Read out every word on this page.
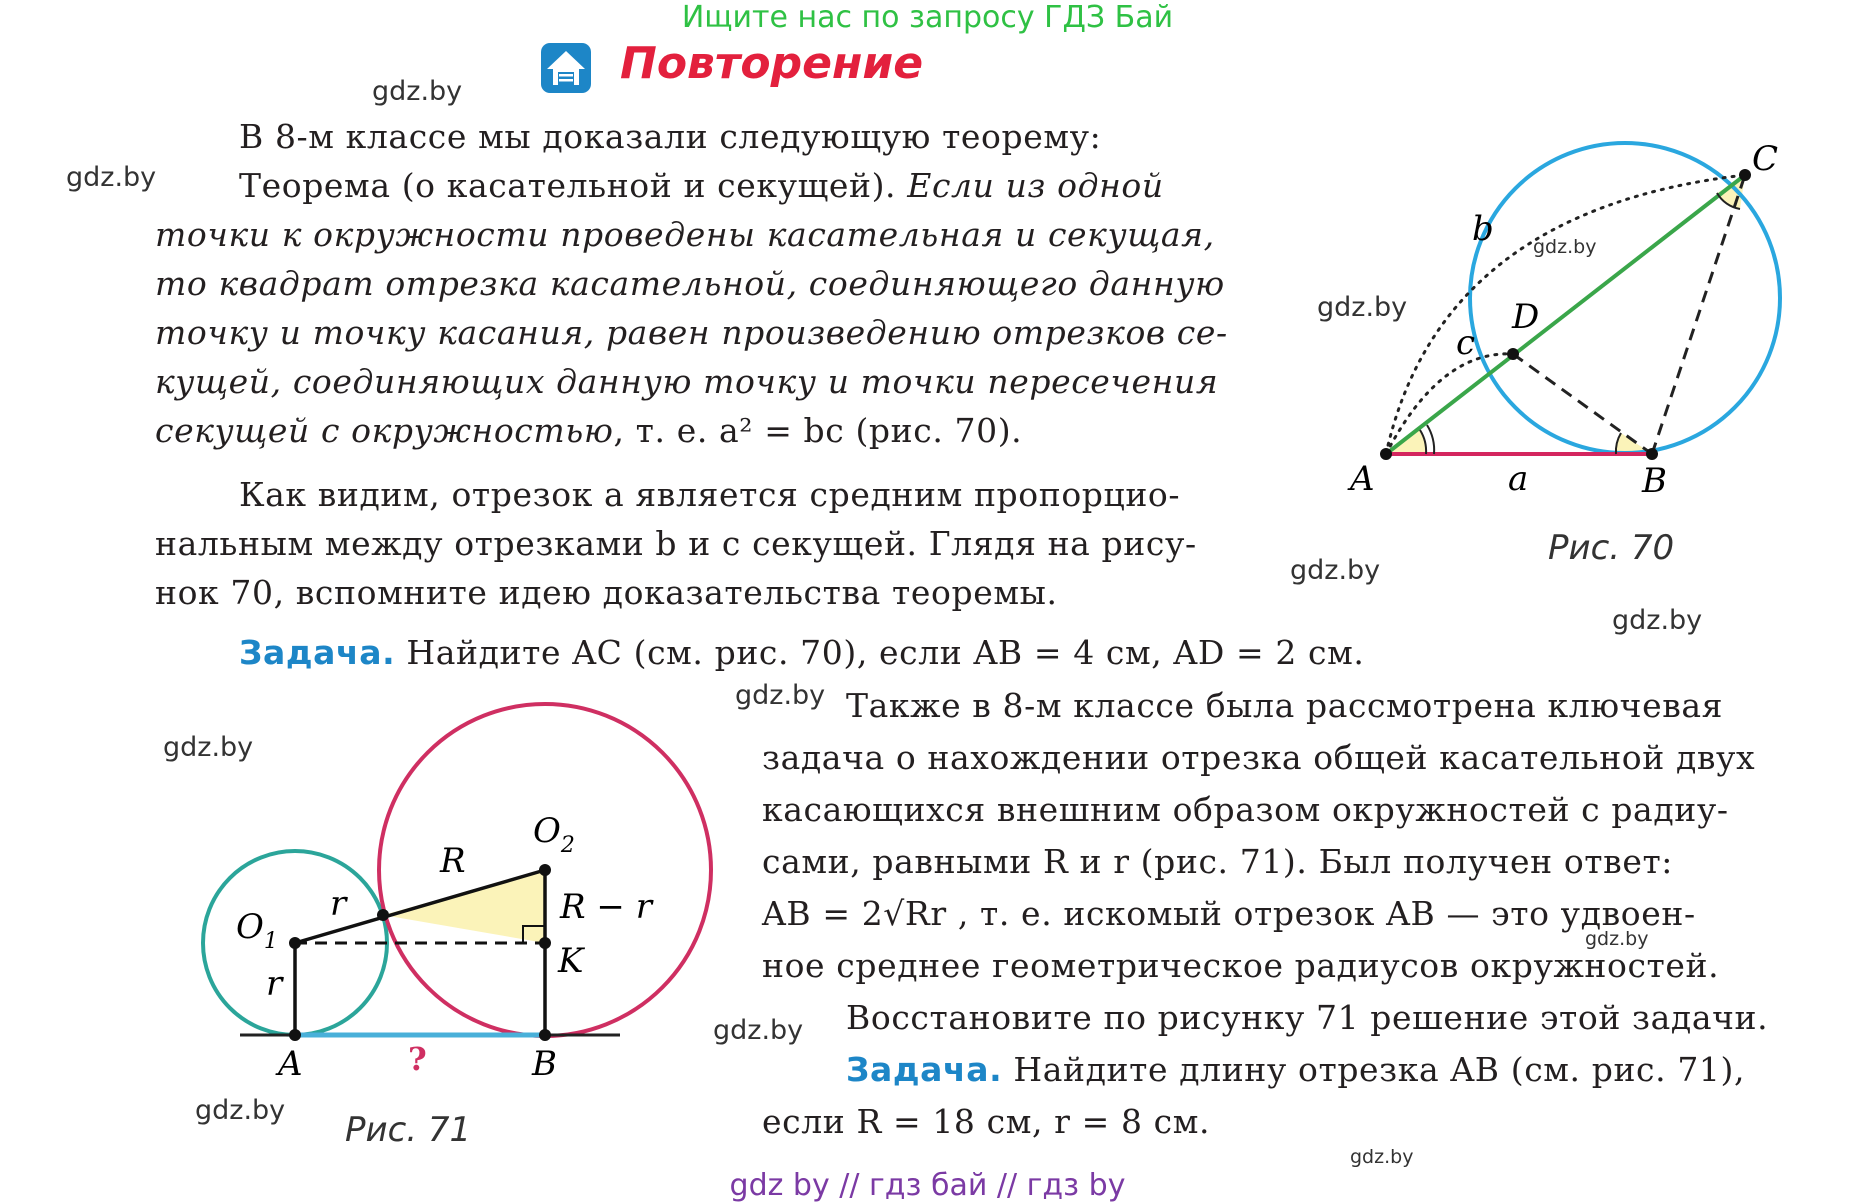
Ищите нас по запросу ГДЗ Бай
Повторение
В 8-м классе мы доказали следующую теорему:
Теорема (о касательной и секущей). Если из одной
точки к окружности проведены касательная и секущая,
то квадрат отрезка касательной, соединяющего данную
точку и точку касания, равен произведению отрезков се-
кущей, соединяющих данную точку и точки пересечения
секущей с окружностью, т. е. a² = bc (рис. 70).
Как видим, отрезок a является средним пропорцио-
нальным между отрезками b и c секущей. Глядя на рису-
нок 70, вспомните идею доказательства теоремы.
Задача. Найдите AC (см. рис. 70), если AB = 4 см, AD = 2 см.
Также в 8-м классе была рассмотрена ключевая
задача о нахождении отрезка общей касательной двух
касающихся внешним образом окружностей с радиу-
сами, равными R и r (рис. 71). Был получен ответ:
AB = 2√Rr , т. е. искомый отрезок AB — это удвоен-
ное среднее геометрическое радиусов окружностей.
Восстановите по рисунку 71 решение этой задачи.
Задача. Найдите длину отрезка AB (см. рис. 71),
если R = 18 см, r = 8 см.
A	B
C
D
a
b
c
Рис. 70
$O_1$
$O_2$
R
r
r
R − r
K
A	B
?
Рис. 71
gdz.by
gdz.by
gdz.by
gdz.by
gdz.by
gdz.by
gdz.by
gdz.by
gdz.by
gdz.by
gdz.by
gdz.by
gdz by // гдз бай // гдз by
